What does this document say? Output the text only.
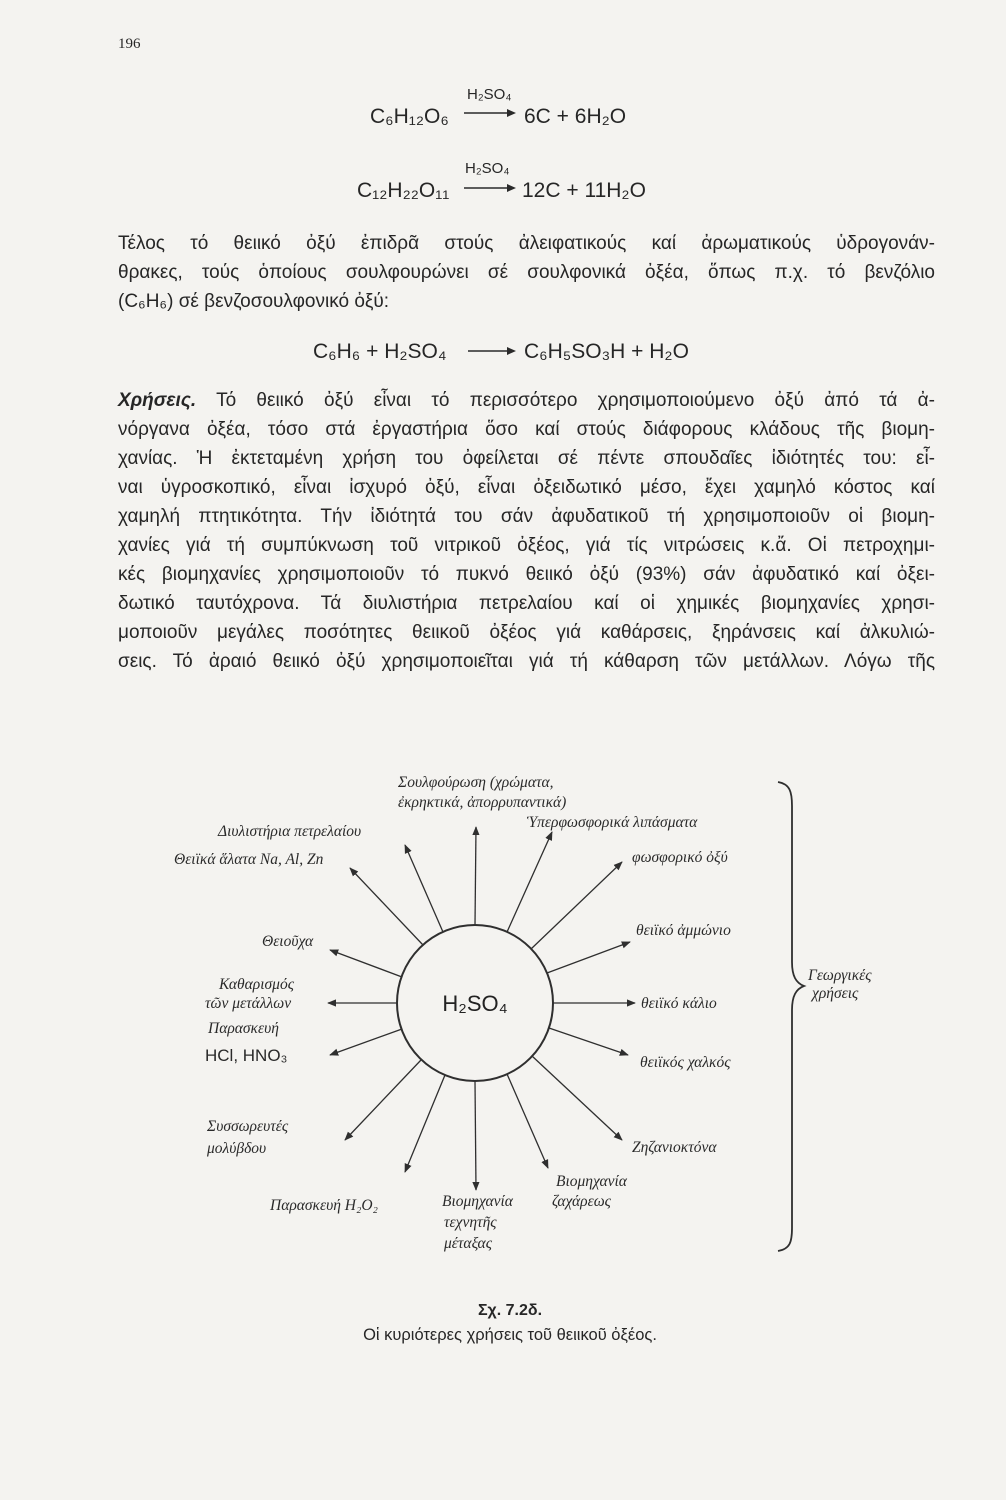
196
C₆H₁₂O₆
H₂SO₄
→ 6C + 6H₂O
C₁₂H₂₂O₁₁
H₂SO₄
→ 12C + 11H₂O
Τέλος τό θειικό ὀξύ ἐπιδρᾶ στούς ἀλειφατικούς καί ἀρωματικούς ὑδρογονάν-
θρακες, τούς ὁποίους σουλφουρώνει σέ σουλφονικά ὀξέα, ὅπως π.χ. τό βενζόλιο
(C₆H₆) σέ βενζοσουλφονικό ὀξύ:
C₆H₆ + H₂SO₄ → C₆H₅SO₃H + H₂O
Χρήσεις. Τό θειικό ὀξύ εἶναι τό περισσότερο χρησιμοποιούμενο ὀξύ ἀπό τά ἀ-
νόργανα ὀξέα, τόσο στά ἐργαστήρια ὅσο καί στούς διάφορους κλάδους τῆς βιομη-
χανίας. Ἡ ἐκτεταμένη χρήση του ὀφείλεται σέ πέντε σπουδαῖες ἰδιότητές του: εἶ-
ναι ὑγροσκοπικό, εἶναι ἰσχυρό ὀξύ, εἶναι ὀξειδωτικό μέσο, ἔχει χαμηλό κόστος καί
χαμηλή πτητικότητα. Τήν ἰδιότητά του σάν ἀφυδατικοῦ τή χρησιμοποιοῦν οἱ βιομη-
χανίες γιά τή συμπύκνωση τοῦ νιτρικοῦ ὀξέος, γιά τίς νιτρώσεις κ.ἄ. Οἱ πετροχημι-
κές βιομηχανίες χρησιμοποιοῦν τό πυκνό θειικό ὀξύ (93%) σάν ἀφυδατικό καί ὀξει-
δωτικό ταυτόχρονα. Τά διυλιστήρια πετρελαίου καί οἱ χημικές βιομηχανίες χρησι-
μοποιοῦν μεγάλες ποσότητες θειικοῦ ὀξέος γιά καθάρσεις, ξηράνσεις καί ἀλκυλιώ-
σεις. Τό ἀραιό θειικό ὀξύ χρησιμοποιεῖται γιά τή κάθαρση τῶν μετάλλων. Λόγω τῆς
H₂SO₄
Σουλφούρωση (χρώματα,
ἐκρηκτικά, ἀπορρυπαντικά)
Ὑπερφωσφορικά λιπάσματα
Διυλιστήρια πετρελαίου
Θειϊκά ἅλατα Na, Al, Zn	φωσφορικό ὀξύ
Θειοῦχα
θειϊκό ἀμμώνιο
Καθαρισμός
τῶν μετάλλων	θειϊκό κάλιο
Παρασκευή
HCl, HNO₃	θειϊκός χαλκός
Συσσωρευτές
μολύβδου	Ζηζανιοκτόνα
Παρασκευή H₂O₂	Βιομηχανία
τεχνητῆς
μέταξας
Βιομηχανία
ζαχάρεως
Γεωργικές
χρήσεις
Σχ. 7.2δ.
Οἱ κυριότερες χρήσεις τοῦ θειικοῦ ὀξέος.
